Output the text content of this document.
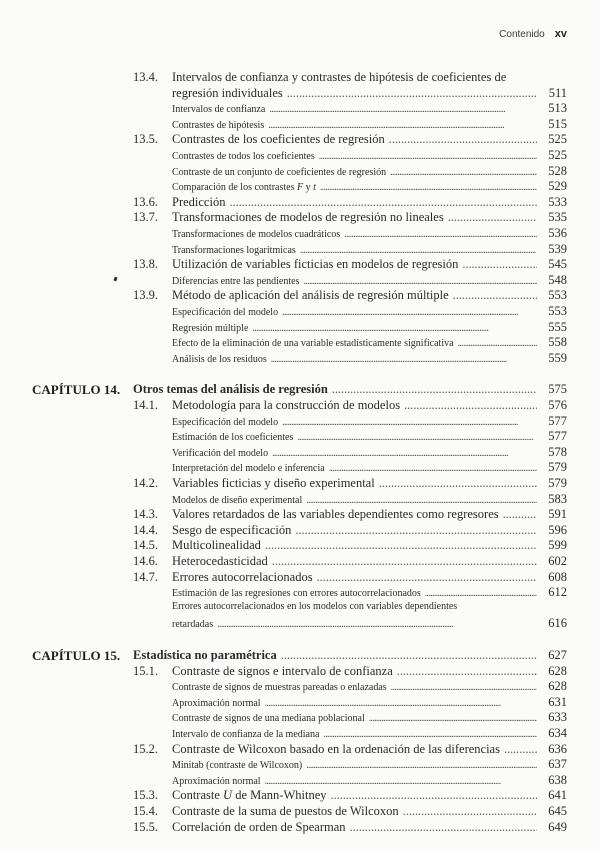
Contenido xv
13.4.	Intervalos de confianza y contrastes de hipótesis de coeficientes de
regresión individuales . . .	511
Intervalos de confianza . . .	513
Contrastes de hipótesis . . .	515
13.5.	Contrastes de los coeficientes de regresión . . .	525
Contrastes de todos los coeficientes . . .	525
Contraste de un conjunto de coeficientes de regresión . . .	528
Comparación de los contrastes F y t . . .	529
13.6.	Predicción . . .	533
13.7.	Transformaciones de modelos de regresión no lineales . . .	535
Transformaciones de modelos cuadráticos . . .	536
Transformaciones logarítmicas . . .	539
13.8.	Utilización de variables ficticias en modelos de regresión . . .	545
Diferencias entre las pendientes . . .	548
13.9.	Método de aplicación del análisis de regresión múltiple . . .	553
Especificación del modelo . . .	553
Regresión múltiple . . .	555
Efecto de la eliminación de una variable estadísticamente significativa . . .	558
Análisis de los residuos . . .	559
CAPÍTULO 14. Otros temas del análisis de regresión . . .	575
14.1.	Metodología para la construcción de modelos . . .	576
Especificación del modelo . . .	577
Estimación de los coeficientes . . .	577
Verificación del modelo . . .	578
Interpretación del modelo e inferencia . . .	579
14.2.	Variables ficticias y diseño experimental . . .	579
Modelos de diseño experimental . . .	583
14.3.	Valores retardados de las variables dependientes como regresores . . .	591
14.4.	Sesgo de especificación . . .	596
14.5.	Multicolinealidad . . .	599
14.6.	Heterocedasticidad . . .	602
14.7.	Errores autocorrelacionados . . .	608
Estimación de las regresiones con errores autocorrelacionados . . .	612
Errores autocorrelacionados en los modelos con variables dependientes
retardadas . . .	616
CAPÍTULO 15. Estadística no paramétrica . . .	627
15.1.	Contraste de signos e intervalo de confianza . . .	628
Contraste de signos de muestras pareadas o enlazadas . . .	628
Aproximación normal . . .	631
Contraste de signos de una mediana poblacional . . .	633
Intervalo de confianza de la mediana . . .	634
15.2.	Contraste de Wilcoxon basado en la ordenación de las diferencias . . .	636
Minitab (contraste de Wilcoxon) . . .	637
Aproximación normal . . .	638
15.3.	Contraste U de Mann-Whitney . . .	641
15.4.	Contraste de la suma de puestos de Wilcoxon . . .	645
15.5.	Correlación de orden de Spearman . . .	649
